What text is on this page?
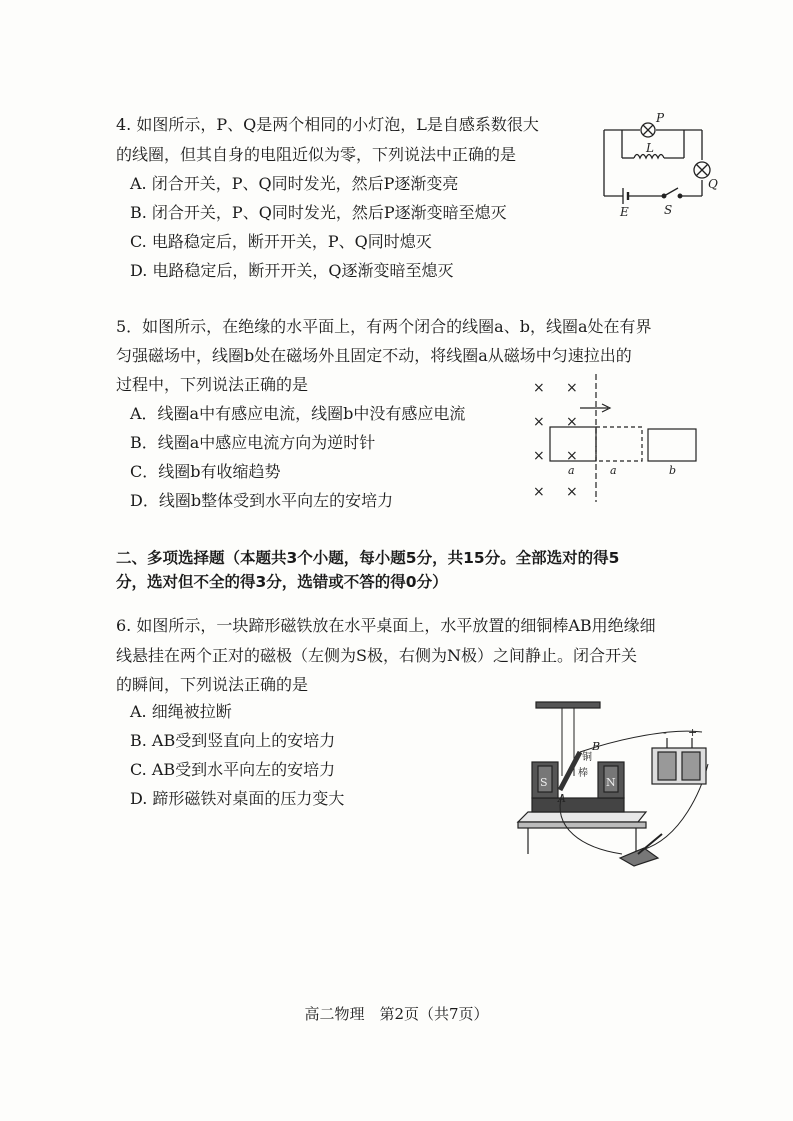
4. 如图所示，P、Q是两个相同的小灯泡，L是自感系数很大
的线圈，但其自身的电阻近似为零，下列说法中正确的是
A. 闭合开关，P、Q同时发光，然后P逐渐变亮
B. 闭合开关，P、Q同时发光，然后P逐渐变暗至熄灭
C. 电路稳定后，断开开关，P、Q同时熄灭
D. 电路稳定后，断开开关，Q逐渐变暗至熄灭
P
L
Q
E	S
5．如图所示，在绝缘的水平面上，有两个闭合的线圈a、b，线圈a处在有界
匀强磁场中，线圈b处在磁场外且固定不动，将线圈a从磁场中匀速拉出的
过程中，下列说法正确的是
A．线圈a中有感应电流，线圈b中没有感应电流
B．线圈a中感应电流方向为逆时针
C．线圈b有收缩趋势
D．线圈b整体受到水平向左的安培力
× ×
× ×
× ×
× ×
a	a	b
二、多项选择题（本题共3个小题，每小题5分，共15分。全部选对的得5
分，选对但不全的得3分，选错或不答的得0分）
6. 如图所示，一块蹄形磁铁放在水平桌面上，水平放置的细铜棒AB用绝缘细
线悬挂在两个正对的磁极（左侧为S极，右侧为N极）之间静止。闭合开关
的瞬间，下列说法正确的是
A. 细绳被拉断
B. AB受到竖直向上的安培力
C. AB受到水平向左的安培力
D. 蹄形磁铁对桌面的压力变大
B
A
铜
棒
S	N
- +
高二物理　第2页（共7页）
